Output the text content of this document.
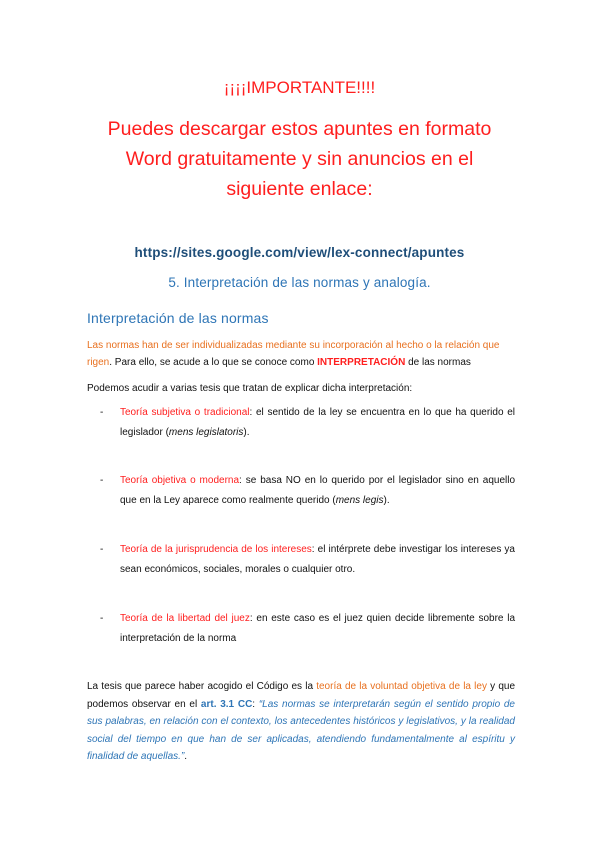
¡¡¡¡IMPORTANTE!!!!
Puedes descargar estos apuntes en formato
Word gratuitamente y sin anuncios en el
siguiente enlace:
https://sites.google.com/view/lex-connect/apuntes
5. Interpretación de las normas y analogía.
Interpretación de las normas
Las normas han de ser individualizadas mediante su incorporación al hecho o la relación que rigen. Para ello, se acude a lo que se conoce como INTERPRETACIÓN de las normas
Podemos acudir a varias tesis que tratan de explicar dicha interpretación:
- Teoría subjetiva o tradicional: el sentido de la ley se encuentra en lo que ha querido el legislador (mens legislatoris).
- Teoría objetiva o moderna: se basa NO en lo querido por el legislador sino en aquello que en la Ley aparece como realmente querido (mens legis).
- Teoría de la jurisprudencia de los intereses: el intérprete debe investigar los intereses ya sean económicos, sociales, morales o cualquier otro.
- Teoría de la libertad del juez: en este caso es el juez quien decide libremente sobre la interpretación de la norma
La tesis que parece haber acogido el Código es la teoría de la voluntad objetiva de la ley y que podemos observar en el art. 3.1 CC: “Las normas se interpretarán según el sentido propio de sus palabras, en relación con el contexto, los antecedentes históricos y legislativos, y la realidad social del tiempo en que han de ser aplicadas, atendiendo fundamentalmente al espíritu y finalidad de aquellas.”.
